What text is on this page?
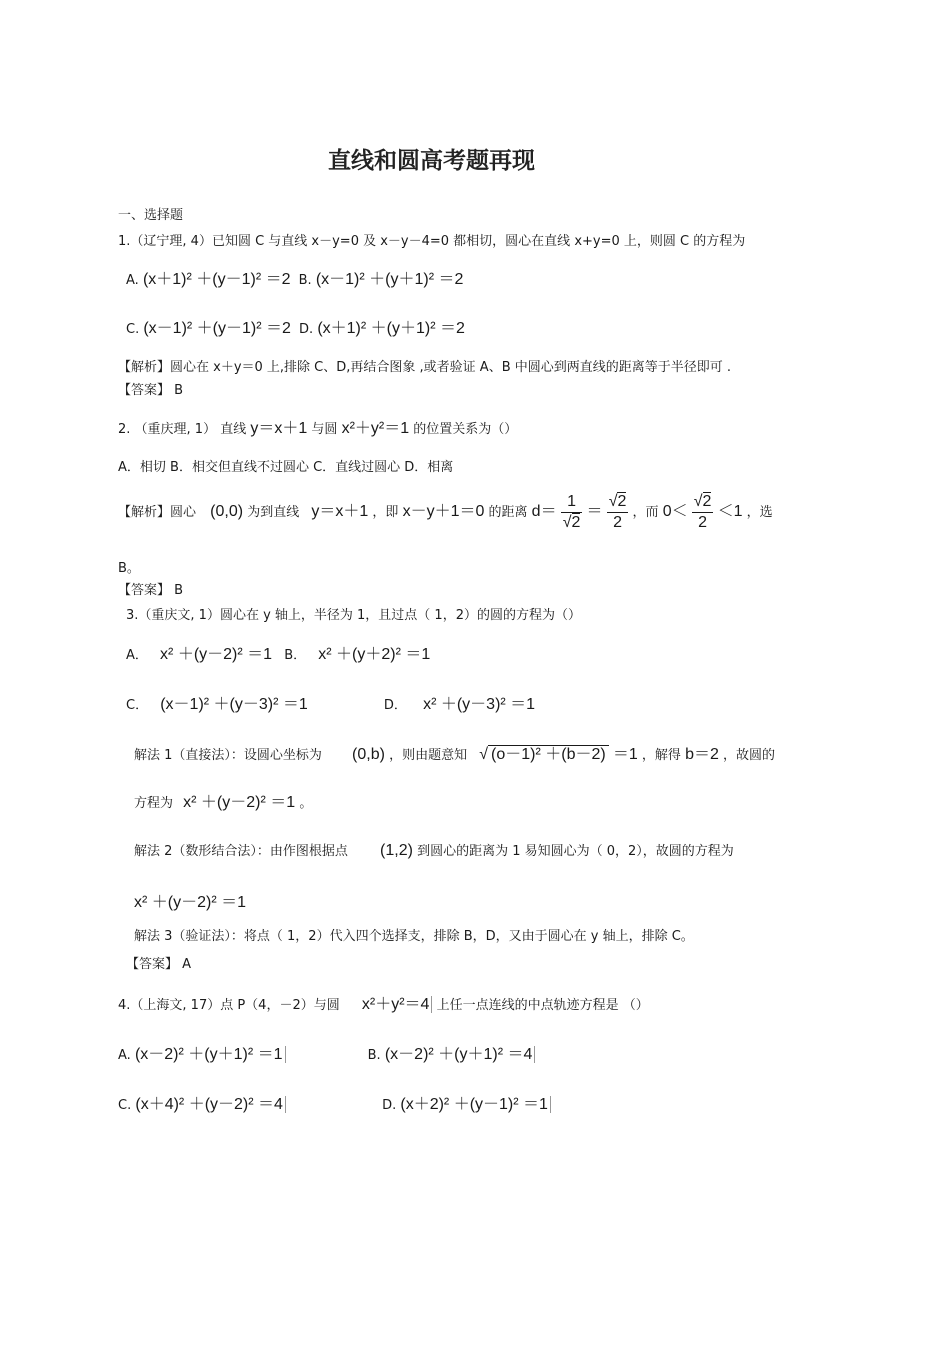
直线和圆高考题再现
一、选择题
1.（辽宁理, 4）已知圆 C 与直线 x－y=0 及 x－y－4=0 都相切，圆心在直线 x+y=0 上，则圆 C 的方程为
A. (x＋1)² ＋(y－1)² ＝2 B. (x－1)² ＋(y＋1)² ＝2
C. (x－1)² ＋(y－1)² ＝2 D. (x＋1)² ＋(y＋1)² ＝2
【解析】圆心在 x＋y＝0 上,排除 C、D,再结合图象 ,或者验证 A、B 中圆心到两直线的距离等于半径即可 .
【答案】 B
2. （重庆理, 1） 直线 y＝x＋1 与圆 x²＋y²＝1 的位置关系为（）
A．相切 B．相交但直线不过圆心 C．直线过圆心 D．相离
【解析】圆心 (0,0) 为到直线 y＝x＋1 ，即 x－y＋1＝0 的距离 $d= \frac{1}{√2} = \frac{√2}{2}$ ，而 $0< \frac{√2}{2} <1$ ，选
B。
【答案】 B
3.（重庆文, 1）圆心在 y 轴上，半径为 1，且过点（ 1，2）的圆的方程为（）
A． x² ＋(y－2)² ＝1 B． x² ＋(y＋2)² ＝1
C． (x－1)² ＋(y－3)² ＝1	D． x² ＋(y－3)² ＝1
解法 1（直接法）：设圆心坐标为 (0,b) ，则由题意知 √ (o－1)² ＋(b－2) ＝1 ，解得 b＝2 ，故圆的
方程为 x² ＋(y－2)² ＝1 。
解法 2（数形结合法）：由作图根据点 (1,2) 到圆心的距离为 1 易知圆心为（ 0，2），故圆的方程为
x² ＋(y－2)² ＝1
解法 3（验证法）：将点（ 1，2）代入四个选择支，排除 B，D，又由于圆心在 y 轴上，排除 C。
【答案】 A
4.（上海文, 17）点 P（4，－2）与圆 x²＋y²＝4 上任一点连线的中点轨迹方程是 （）
A. (x－2)² ＋(y＋1)² ＝1	B. (x－2)² ＋(y＋1)² ＝4
C. (x＋4)² ＋(y－2)² ＝4	D. (x＋2)² ＋(y－1)² ＝1
